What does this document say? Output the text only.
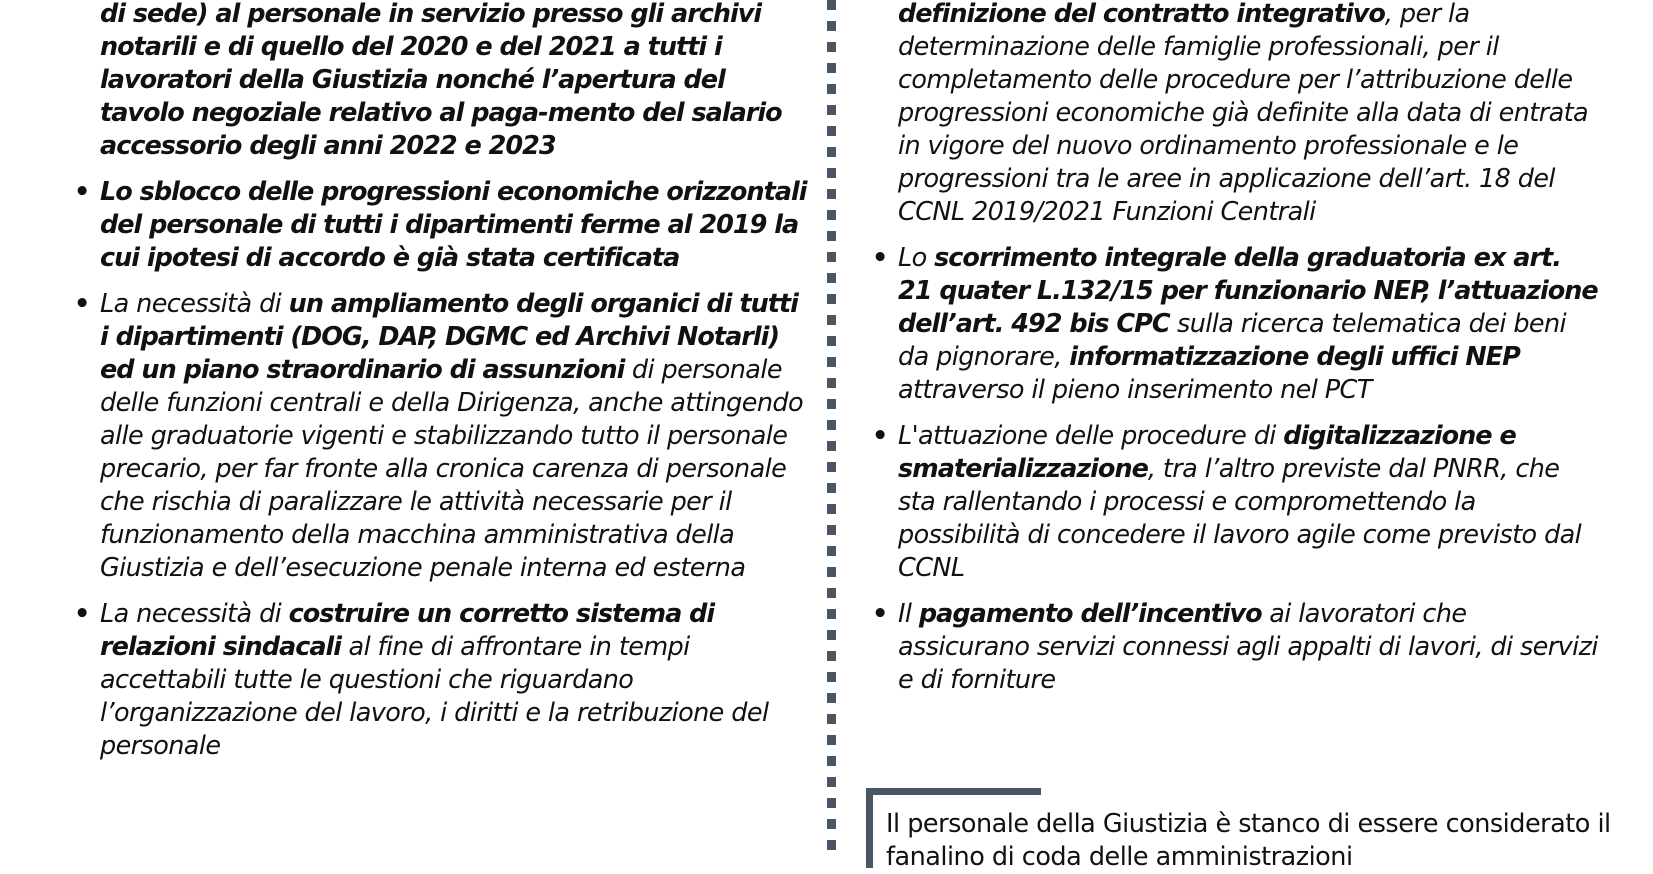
di sede) al personale in servizio presso gli archivi notarili e di quello del 2020 e del 2021 a tutti i lavoratori della Giustizia nonché l’apertura del tavolo negoziale relativo al paga-mento del salario accessorio degli anni 2022 e 2023
• Lo sblocco delle progressioni economiche orizzontali del personale di tutti i dipartimenti ferme al 2019 la cui ipotesi di accordo è già stata certificata
• La necessità di un ampliamento degli organici di tutti i dipartimenti (DOG, DAP, DGMC ed Archivi Notarli) ed un piano straordinario di assunzioni di personale delle funzioni centrali e della Dirigenza, anche attingendo alle graduatorie vigenti e stabilizzando tutto il personale precario, per far fronte alla cronica carenza di personale che rischia di paralizzare le attività necessarie per il funzionamento della macchina amministrativa della Giustizia e dell’esecuzione penale interna ed esterna
• La necessità di costruire un corretto sistema di relazioni sindacali al fine di affrontare in tempi accettabili tutte le questioni che riguardano l’organizzazione del lavoro, i diritti e la retribuzione del personale
definizione del contratto integrativo, per la determinazione delle famiglie professionali, per il completamento delle procedure per l’attribuzione delle progressioni economiche già definite alla data di entrata in vigore del nuovo ordinamento professionale e le progressioni tra le aree in applicazione dell’art. 18 del CCNL 2019/2021 Funzioni Centrali
• Lo scorrimento integrale della graduatoria ex art. 21 quater L.132/15 per funzionario NEP, l’attuazione dell’art. 492 bis CPC sulla ricerca telematica dei beni da pignorare, informatizzazione degli uffici NEP attraverso il pieno inserimento nel PCT
• L'attuazione delle procedure di digitalizzazione e smaterializzazione, tra l’altro previste dal PNRR, che sta rallentando i processi e compromettendo la possibilità di concedere il lavoro agile come previsto dal CCNL
• Il pagamento dell’incentivo ai lavoratori che assicurano servizi connessi agli appalti di lavori, di servizi e di forniture
Il personale della Giustizia è stanco di essere considerato il fanalino di coda delle amministrazioni
